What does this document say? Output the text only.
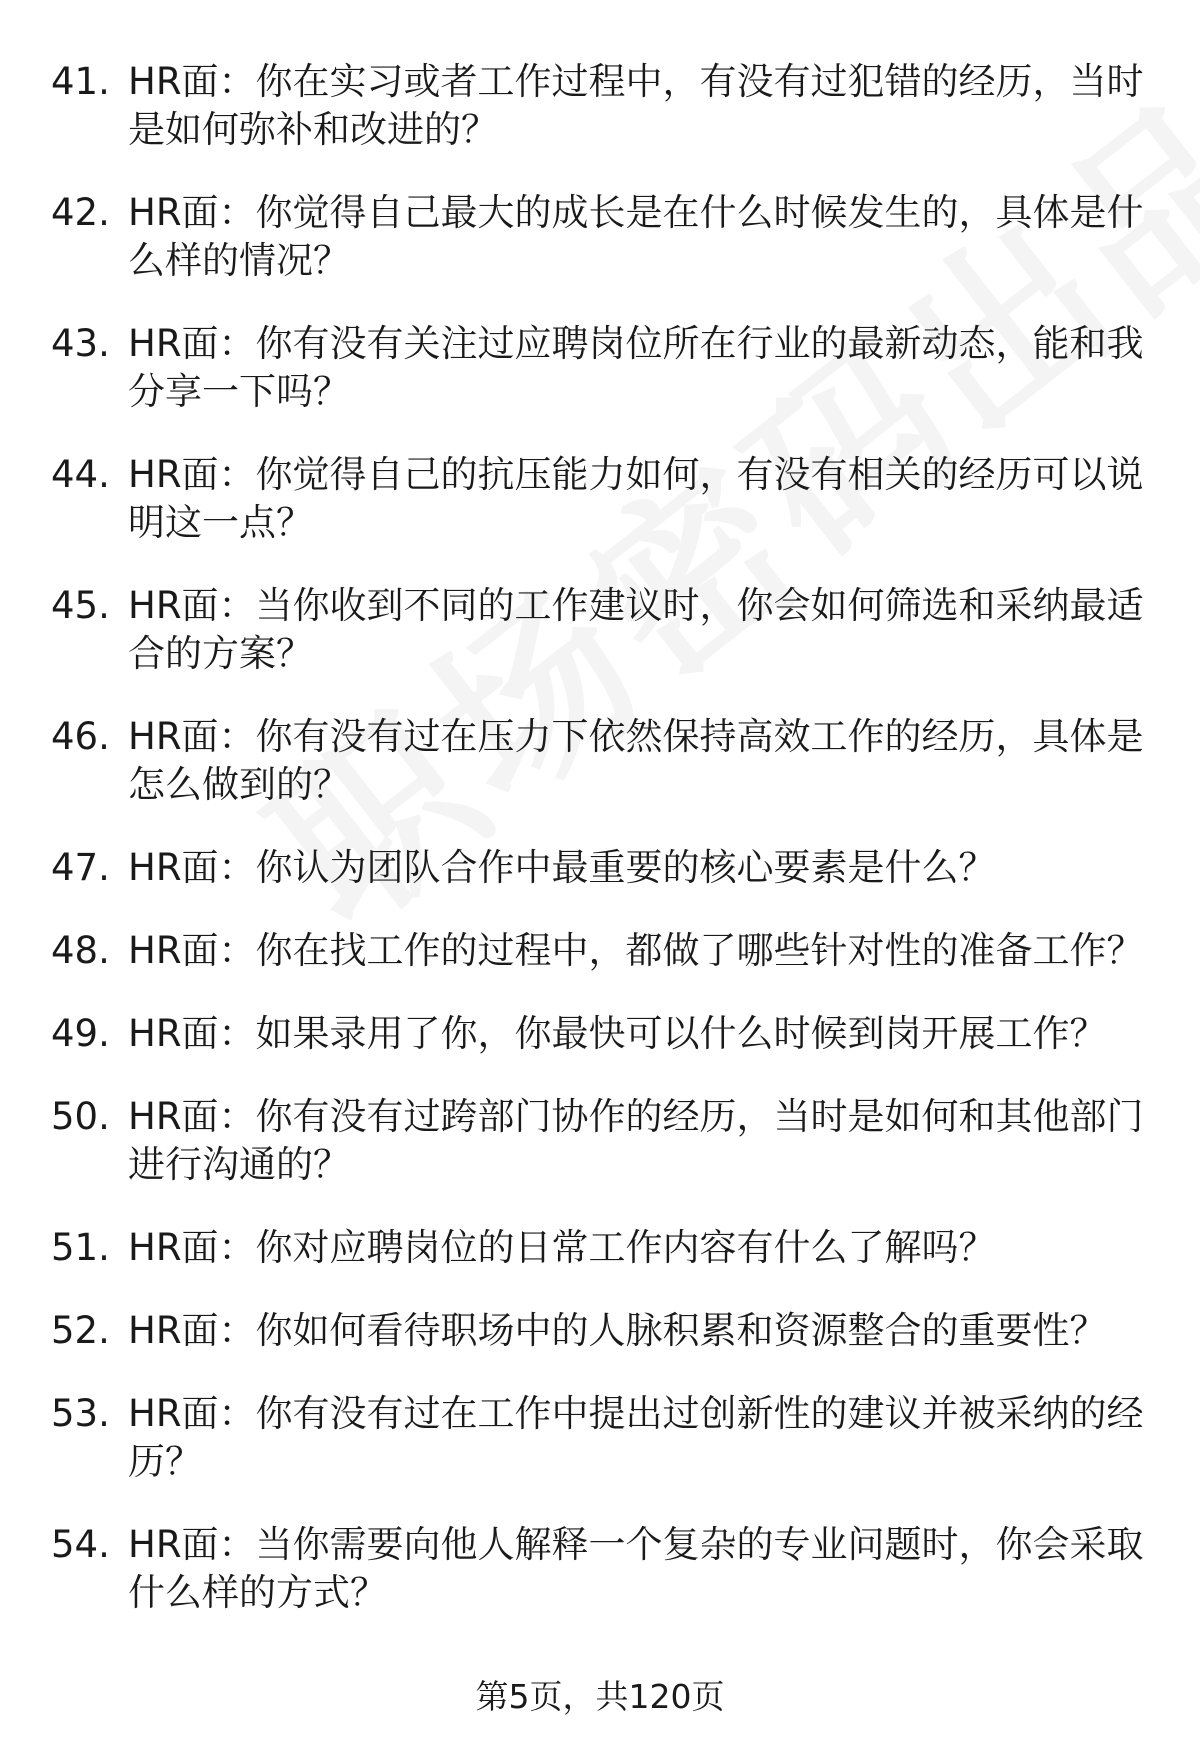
41. HR面：你在实习或者工作过程中，有没有过犯错的经历，当时是如何弥补和改进的？
42. HR面：你觉得自己最大的成长是在什么时候发生的，具体是什么样的情况？
43. HR面：你有没有关注过应聘岗位所在行业的最新动态，能和我分享一下吗？
44. HR面：你觉得自己的抗压能力如何，有没有相关的经历可以说明这一点？
45. HR面：当你收到不同的工作建议时，你会如何筛选和采纳最适合的方案？
46. HR面：你有没有过在压力下依然保持高效工作的经历，具体是怎么做到的？
47. HR面：你认为团队合作中最重要的核心要素是什么？
48. HR面：你在找工作的过程中，都做了哪些针对性的准备工作？
49. HR面：如果录用了你，你最快可以什么时候到岗开展工作？
50. HR面：你有没有过跨部门协作的经历，当时是如何和其他部门进行沟通的？
51. HR面：你对应聘岗位的日常工作内容有什么了解吗？
52. HR面：你如何看待职场中的人脉积累和资源整合的重要性？
53. HR面：你有没有过在工作中提出过创新性的建议并被采纳的经历？
54. HR面：当你需要向他人解释一个复杂的专业问题时，你会采取什么样的方式？
第5页，共120页
